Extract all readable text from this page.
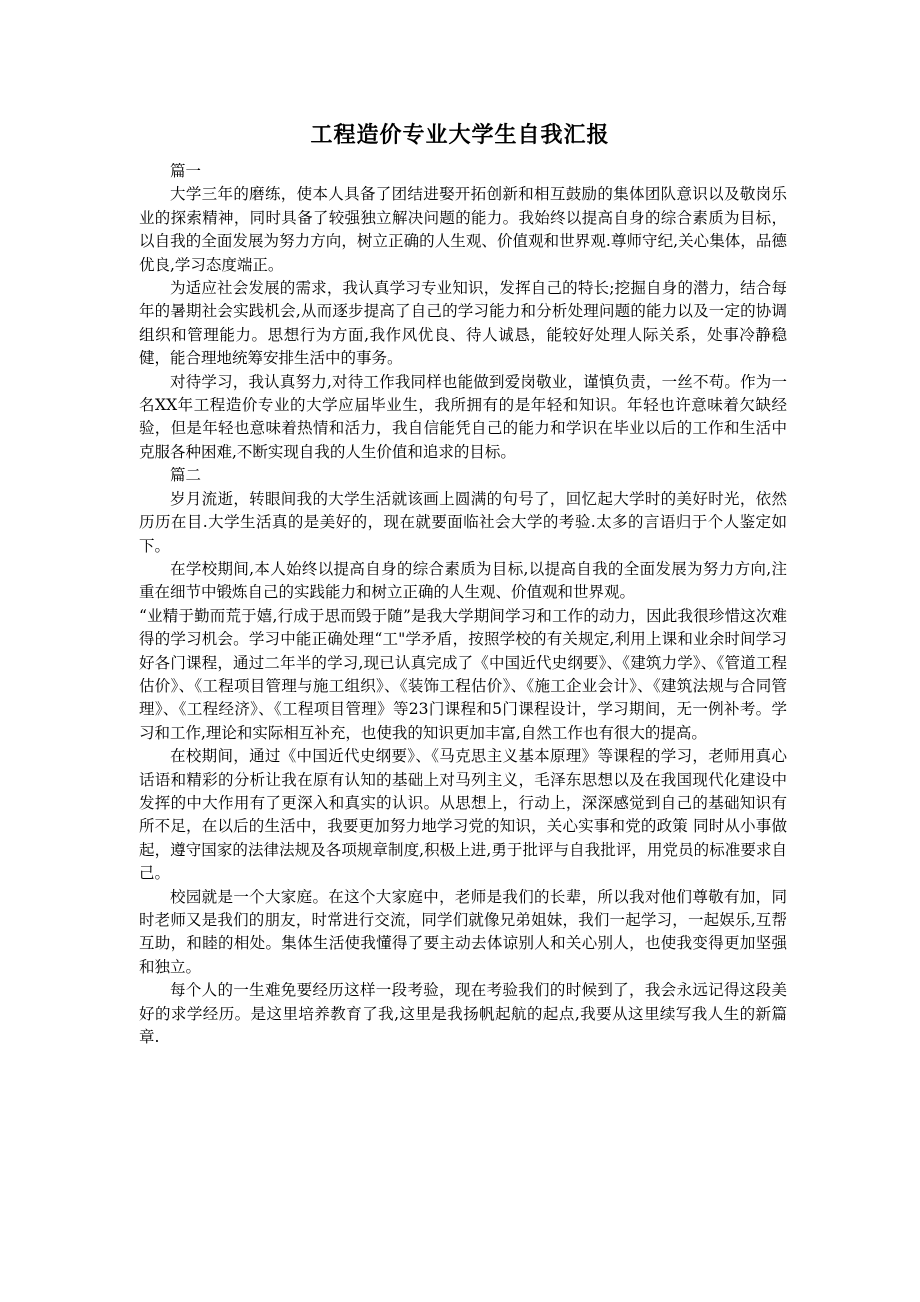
工程造价专业大学生自我汇报

篇一

大学三年的磨练，使本人具备了团结进娶开拓创新和相互鼓励的集体团队意识以及敬岗乐业的探索精神，同时具备了较强独立解决问题的能力。我始终以提高自身的综合素质为目标，以自我的全面发展为努力方向，树立正确的人生观、价值观和世界观.尊师守纪,关心集体，品德优良,学习态度端正。

为适应社会发展的需求，我认真学习专业知识，发挥自己的特长;挖掘自身的潜力，结合每年的暑期社会实践机会,从而逐步提高了自己的学习能力和分析处理问题的能力以及一定的协调组织和管理能力。思想行为方面,我作风优良、待人诚恳，能较好处理人际关系，处事冷静稳健，能合理地统筹安排生活中的事务。

对待学习，我认真努力,对待工作我同样也能做到爱岗敬业，谨慎负责，一丝不苟。作为一名XX年工程造价专业的大学应届毕业生，我所拥有的是年轻和知识。年轻也许意味着欠缺经验，但是年轻也意味着热情和活力，我自信能凭自己的能力和学识在毕业以后的工作和生活中克服各种困难,不断实现自我的人生价值和追求的目标。

篇二

岁月流逝，转眼间我的大学生活就该画上圆满的句号了，回忆起大学时的美好时光，依然历历在目.大学生活真的是美好的，现在就要面临社会大学的考验.太多的言语归于个人鉴定如下。

在学校期间,本人始终以提高自身的综合素质为目标,以提高自我的全面发展为努力方向,注重在细节中锻炼自己的实践能力和树立正确的人生观、价值观和世界观。

“业精于勤而荒于嬉,行成于思而毁于随”是我大学期间学习和工作的动力，因此我很珍惜这次难得的学习机会。学习中能正确处理“工"学矛盾，按照学校的有关规定,利用上课和业余时间学习好各门课程，通过二年半的学习,现已认真完成了《中国近代史纲要》、《建筑力学》、《管道工程估价》、《工程项目管理与施工组织》、《装饰工程估价》、《施工企业会计》、《建筑法规与合同管理》、《工程经济》、《工程项目管理》等23门课程和5门课程设计，学习期间，无一例补考。学习和工作,理论和实际相互补充，也使我的知识更加丰富,自然工作也有很大的提高。

在校期间，通过《中国近代史纲要》、《马克思主义基本原理》等课程的学习，老师用真心话语和精彩的分析让我在原有认知的基础上对马列主义，毛泽东思想以及在我国现代化建设中发挥的中大作用有了更深入和真实的认识。从思想上，行动上，深深感觉到自己的基础知识有所不足，在以后的生活中，我要更加努力地学习党的知识，关心实事和党的政策 同时从小事做起，遵守国家的法律法规及各项规章制度,积极上进,勇于批评与自我批评，用党员的标准要求自己。

校园就是一个大家庭。在这个大家庭中，老师是我们的长辈，所以我对他们尊敬有加，同时老师又是我们的朋友，时常进行交流，同学们就像兄弟姐妹，我们一起学习，一起娱乐,互帮互助，和睦的相处。集体生活使我懂得了要主动去体谅别人和关心别人，也使我变得更加坚强和独立。

每个人的一生难免要经历这样一段考验，现在考验我们的时候到了，我会永远记得这段美好的求学经历。是这里培养教育了我,这里是我扬帆起航的起点,我要从这里续写我人生的新篇章.
